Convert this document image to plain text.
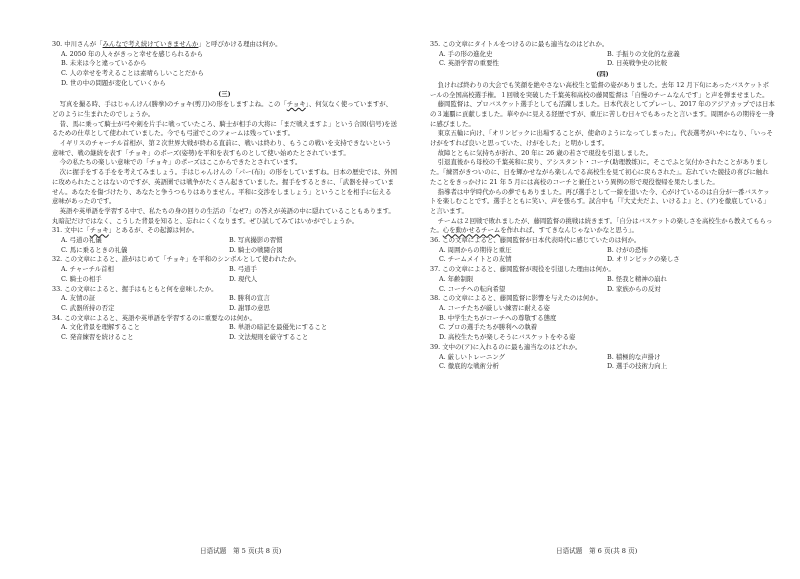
30. 中川さんが「みんなで考え続けていきませんか」と呼びかける理由は何か。

A. 2050 年の人々がきっと幸せを感じられるから
B. 未来は今と違っているから
C. 人の幸せを考えることは素晴らしいことだから
D. 世の中の問題が変化していくから
(三)

写真を撮る時、手はじゃんけん(勝拳)のチョキ(剪刀)の形をしますよね。この「チョキ」、何気なく使っていますが、どのように生まれたのでしょうか。

昔、馬に乗って騎士が弓や剣を片手に戦っていたころ、騎士が相手の大将に「まだ戦えますよ」という合図(信号)を送るための仕草として使われていました。今でも弓道でこのフォームは残っています。

イギリスのチャーチル首相が、第２次世界大戦が終わる直前に、戦いは終わり、もうこの戦いを支持できないという意味で、戦の継続を表す「チョキ」のポーズ(姿勢)を平和を表すものとして使い始めたとされています。

今の私たちの楽しい意味での「チョキ」のポーズはここからできたとされています。

次に握手をする手をを考えてみましょう。手はじゃんけんの「パー(布)」の形をしていますね。日本の歴史では、外国に攻められたことはないのですが、英語圏では戦争がたくさん起きていました。握手をするときに、「武器を持っていません。あなたを傷づけたり、あなたと争うつもりはありません。平和に交渉をしましょう」ということを相手に伝える意味があったのです。

英語や英単語を学習する中で、私たちの身の回りの生活の「なぜ?」の答えが英語の中に隠れていることもあります。丸暗記だけではなく、こうした背景を知ると、忘れにくくなります。ぜひ試してみてはいかがでしょうか。

31. 文中に「チョキ」とあるが、その起源は何か。

A. 弓道の礼儀	B. 写真撮影の習慣
C. 馬に乗るときの礼儀	D. 騎士の戦闘合図

32. この文章によると、誰がはじめて「チョキ」を平和のシンボルとして使われたか。

A. チャーチル首相	B. 弓道手
C. 騎士の相手	D. 現代人

33. この文章によると、握手はもともと何を意味したか。

A. 友情の証	B. 勝利の宣言
C. 武器所持の否定	D. 謝罪の意思

34. この文章によると、英語や英単語を学習するのに重要なのは何か。

A. 文化背景を理解すること	B. 単語の暗記を最優先にすること
C. 発音練習を続けること	D. 文法規則を厳守すること

35. この文章にタイトルをつけるのに最も適当なのはどれか。

A. 手の形の進化史	B. 手振りの文化的な意義
C. 英語学習の重要性	D. 日英戦争史の比較
(四)

負ければ終わりの大会でも笑顔を絶やさない高校生と監督の姿がありました。去年 12 月下旬にあったバスケットボールの全国高校選手権。１回戦を突破した千葉英和高校の藤岡監督は「自慢のチームなんです」と声を弾ませました。

藤岡監督は、プロバスケット選手としても活躍しました。日本代表としてプレーし、2017 年のアジアカップでは日本の３連覇に貢献しました。華やかに見える経歴ですが、重圧に苦しむ日々でもあったと言います。周囲からの期待を一身に感びました。

東京五輪に向け、「オリンピックに出場することが、使命のようになってしまった」。代表選考がいやになり、「いっそけがをすれば良いと思っていた、けがをした」と明かします。

故障とともに気持ちが折れ、20 年に 26 歳の若さで現役を引退しました。

引退直後から母校の千葉英和に戻り、アシスタント・コーチ(助理教练)に。そこでふと気付かされたことがありました。「練習がきついのに、日を輝かせながら楽しんでる高校生を見て初心に戻らされた」。忘れていた競技の喜びに触れたことをきっかけに 21 年 5 月には高校のコーチと兼任という異例の形で現役復帰を果たしました。

指導者は中学時代からの夢でもありました。再び選手として一線を退いた今、心がけているのは自分が一番バスケットを楽しむことです。選手とともに笑い、声を張らす。試合中も「『大丈夫だよ、いけるよ』と、(ア)を徹底している」と言います。

チームは２回戦で敗れましたが、藤岡監督の挑戦は続きます。「自分はバスケットの楽しさを高校生から教えてもらった。心を動かせるチームを作れれば、すてきなんじゃないかなと思う」。

36. この文章によると、藤岡監督が日本代表時代に感じていたのは何か。

A. 周囲からの期待と重圧	B. けがの恐怖
C. チームメイトとの友情	D. オリンピックの楽しさ

37. この文章によると、藤岡監督が現役を引退した理由は何か。

A. 年齢制限	B. 怪我と精神の崩れ
C. コーチへの転向希望	D. 家族からの反対

38. この文章によると、藤岡監督に影響を与えたのは何か。

A. コーチたちが厳しい練習に耐える姿
B. 中学生たちがコーチへの尊敬する態度
C. プロの選手たちが勝利への執着
D. 高校生たちが楽しそうにバスケットをやる姿

39. 文中の(ア)に入れるのに最も適当なのはどれか。

A. 厳しいトレーニング	B. 積極的な声掛け
C. 徹底的な戦術分析	D. 選手の技術力向上
日语试题　第 5 页(共 8 页)	日语试题　第 6 页(共 8 页)
